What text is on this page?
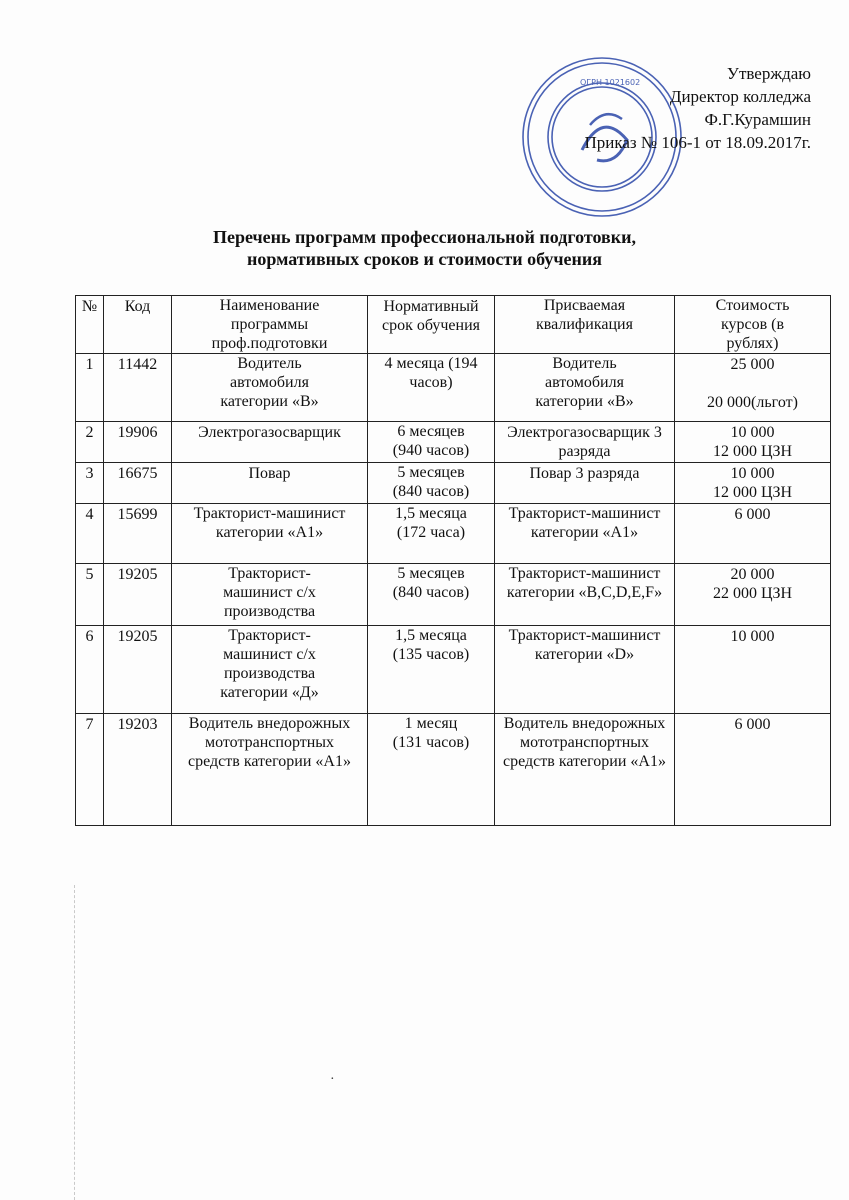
ОГРН 1021602	Утверждаю
Директор колледжа
Ф.Г.Курамшин
Приказ № 106-1 от 18.09.2017г.
Перечень программ профессиональной подготовки,
нормативных сроков и стоимости обучения
№	Код	Наименование программы проф.подготовки	Нормативный срок обучения	Присваемая квалификация	Стоимость курсов (в рублях)
1	11442	Водитель автомобиля категории «В»	4 месяца (194 часов)	Водитель автомобиля категории «В»	25 000
20 000(льгот)

2	19906	Электрогазосварщик	6 месяцев (940 часов)	Электрогазосварщик 3 разряда	10 000
12 000 ЦЗН

3	16675	Повар	5 месяцев (840 часов)	Повар 3 разряда	10 000
12 000 ЦЗН

4	15699	Тракторист-машинист категории «А1»	1,5 месяца (172 часа)	Тракторист-машинист категории «А1»	6 000

5	19205	Тракторист-машинист с/х производства	5 месяцев (840 часов)	Тракторист-машинист категории «B,C,D,E,F»	20 000
22 000 ЦЗН

6	19205	Тракторист-машинист с/х производства категории «Д»	1,5 месяца (135 часов)	Тракторист-машинист категории «D»	10 000

7	19203	Водитель внедорожных мототранспортных средств категории «А1»	1 месяц (131 часов)	Водитель внедорожных мототранспортных средств категории «А1»	6 000
·
